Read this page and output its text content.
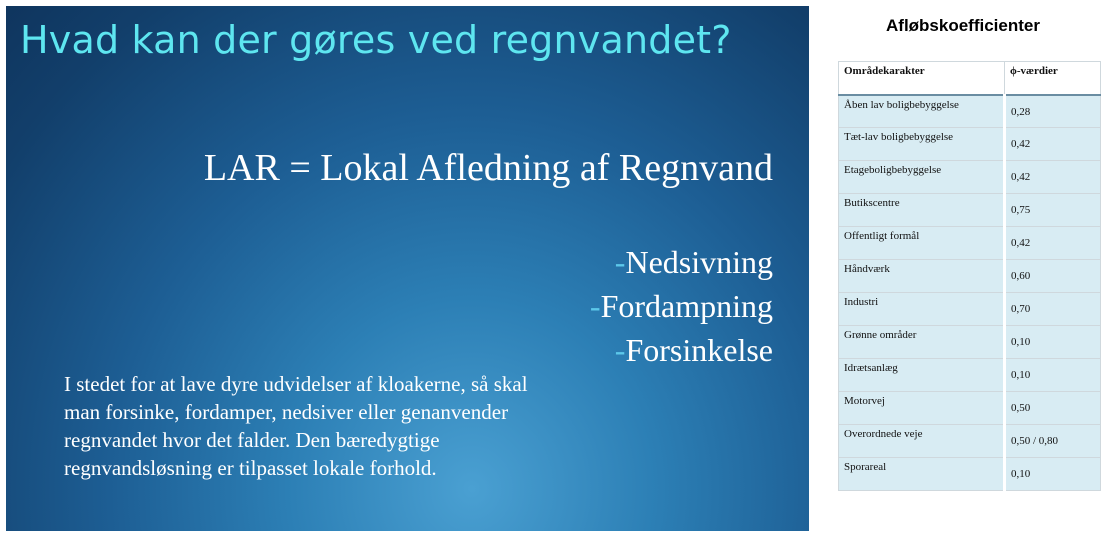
Hvad kan der gøres ved regnvandet?
LAR = Lokal Afledning af Regnvand
-Nedsivning
-Fordampning
-Forsinkelse

I stedet for at lave dyre udvidelser af kloakerne, så skal man forsinke, fordamper, nedsiver eller genanvender regnvandet hvor det falder. Den bæredygtige regnvandsløsning er tilpasset lokale forhold.

Afløbskoefficienter
Områdekarakter	ϕ-værdier
Åben lav boligbebyggelse	0,28
Tæt-lav boligbebyggelse	0,42
Etageboligbebyggelse	0,42
Butikscentre	0,75
Offentligt formål	0,42
Håndværk	0,60
Industri	0,70
Grønne områder	0,10
Idrætsanlæg	0,10
Motorvej	0,50
Overordnede veje	0,50 / 0,80
Sporareal	0,10
